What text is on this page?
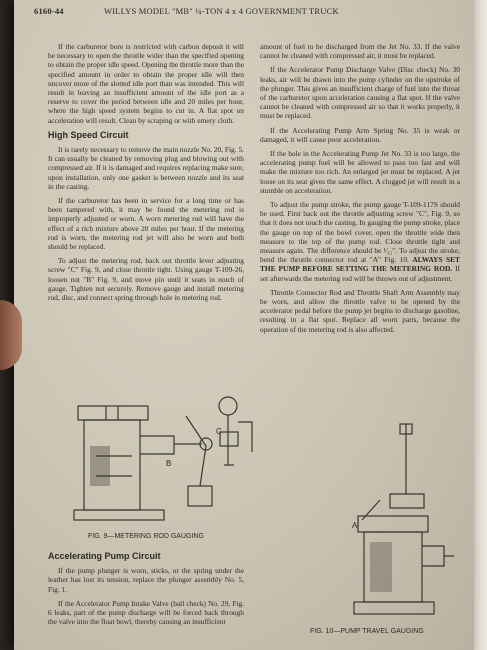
6160-44	WILLYS MODEL "MB" ¼-TON 4 x 4 GOVERNMENT TRUCK

If the carburetor bore is restricted with carbon deposit it will be necessary to open the throttle wider than the specified opening to obtain the proper idle speed. Opening the throttle more than the specified amount in order to obtain the proper idle will then uncover more of the slotted idle port than was intended. This will result in leaving an insufficient amount of the idle port as a reserve to cover the period between idle and 20 miles per hour, where the high speed system begins to cut in. A flat spot on acceleration will result. Clean by scraping or with emery cloth.

High Speed Circuit

It is rarely necessary to remove the main nozzle No. 20, Fig. 5. It can usually be cleaned by removing plug and blowing out with compressed air. If it is damaged and requires replacing make sure, upon installation, only one gasket is between nozzle and its seat in the casting.

If the carburetor has been in service for a long time or has been tampered with, it may be found the metering rod is improperly adjusted or worn. A worn metering rod will have the effect of a rich mixture above 20 miles per hour. If the metering rod is worn, the metering rod jet will also be worn and both should be replaced.

To adjust the metering rod, back out throttle lever adjusting screw "C" Fig. 9, and close throttle tight. Using gauge T-109-26, loosen nut "B" Fig. 9, and move pin until it seats in notch of gauge. Tighten nut securely. Remove gauge and install metering rod, disc, and connect spring through hole in metering rod.

C
B
FIG. 9—METERING ROD GAUGING
Accelerating Pump Circuit

If the pump plunger is worn, sticks, or the spring under the leather has lost its tension, replace the plunger assembly No. 5, Fig. 1.

If the Accelerator Pump Intake Valve (ball check) No. 29, Fig. 6 leaks, part of the pump discharge will be forced back through the valve into the float bowl, thereby causing an insufficient

amount of fuel to be discharged from the Jet No. 33. If the valve cannot be cleaned with compressed air, it must be replaced.

If the Accelerator Pump Discharge Valve (Disc check) No. 30 leaks, air will be drawn into the pump cylinder on the upstroke of the plunger. This gives an insufficient charge of fuel into the throat of the carburetor upon acceleration causing a flat spot. If the valve cannot be cleaned with compressed air so that it works properly, it must be replaced.

If the Accelerating Pump Arm Spring No. 35 is weak or damaged, it will cause poor acceleration.

If the hole in the Accelerating Pump Jet No. 33 is too large, the accelerating pump fuel will be allowed to pass too fast and will make the mixture too rich. An enlarged jet must be replaced. A jet loose on its seat gives the same effect. A clogged jet will result in a stumble on acceleration.

To adjust the pump stroke, the pump gauge T-109-117S should be used. First back out the throttle adjusting screw "C", Fig. 9, so that it does not touch the casting. In gauging the pump stroke, place the gauge on top of the bowl cover, open the throttle wide then measure to the top of the pump rod. Close throttle tight and measure again. The difference should be ¹⁄₃₂". To adjust the stroke, bend the throttle connector rod at "A" Fig. 10. ALWAYS SET THE PUMP BEFORE SETTING THE METERING ROD. If set afterwards the metering rod will be thrown out of adjustment.

Throttle Connector Rod and Throttle Shaft Arm Assembly may be worn, and allow the throttle valve to be opened by the accelerator pedal before the pump jet begins to discharge gasoline, resulting in a flat spot. Replace all worn parts, because the operation of the metering rod is also affected.

A
FIG. 10—PUMP TRAVEL GAUGING
